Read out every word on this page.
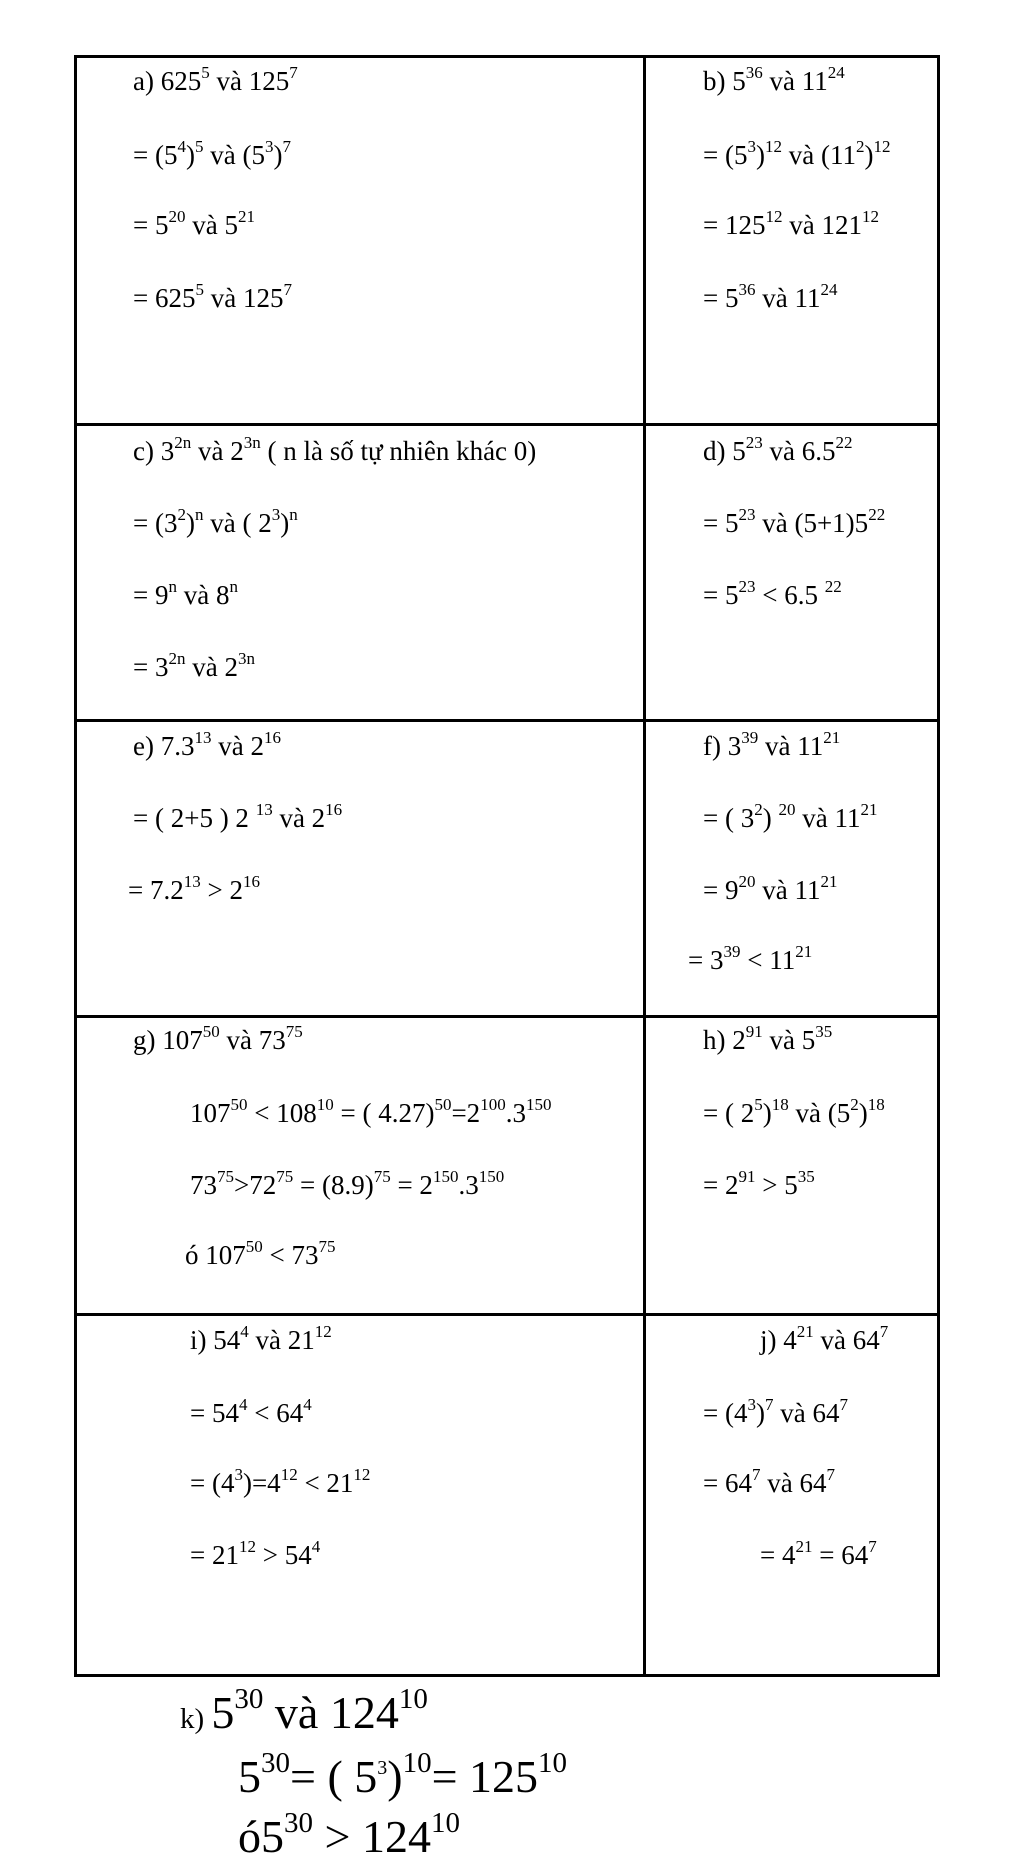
a) $625^5$ và $125^7$
= $(5^4)^5$ và $(5^3)^7$
= $5^{20}$ và $5^{21}$
= $625^5$ và $125^7$
b) $5^{36}$ và $11^{24}$
= $(5^3)^{12}$ và $(11^2)^{12}$
= $125^{12}$ và $121^{12}$
= $5^{36}$ và $11^{24}$
c) $3^{2n}$ và $2^{3n}$ ( n là số tự nhiên khác 0)
= $(3^2)^n$ và ( $2^3)^n$
= $9^n$ và $8^n$
= $3^{2n}$ và $2^{3n}$
d) $5^{23}$ và $6.5^{22}$
= $5^{23}$ và $(5+1)5^{22}$
= $5^{23} < 6.5$ $^{22}$
e) $7.3^{13}$ và $2^{16}$
= ( 2+5 ) 2 $^{13}$ và $2^{16}$
= $7.2^{13} > 2^{16}$
f) $3^{39}$ và $11^{21}$
= ( $3^2$) $^{20}$ và $11^{21}$
= $9^{20}$ và $11^{21}$
= $3^{39} < 11^{21}$
g) $107^{50}$ và $73^{75}$
$107^{50} < 108^{10}$ = ( $4.27)^{50}=2^{100}.3^{150}$
$73^{75}>72^{75} = (8.9)^{75} = 2^{150}.3^{150}$
ó $107^{50} < 73^{75}$
h) $2^{91}$ và $5^{35}$
= ( $2^5)^{18}$ và $(5^2)^{18}$
= $2^{91} > 5^{35}$
i) $54^4$ và $21^{12}$
= $54^4 < 64^4$
= $(4^3)=4^{12} < 21^{12}$
= $21^{12} > 54^4$
j) $4^{21}$ và $64^7$
= $(4^3)^7$ và $64^7$
= $64^7$ và $64^7$
= $4^{21} = 64^7$
k) $5^{30}$ và $124^{10}$
$5^{30}=$ ( $5^3)^{10}= 125^{10}$
$ó5^{30} > 124^{10}$
